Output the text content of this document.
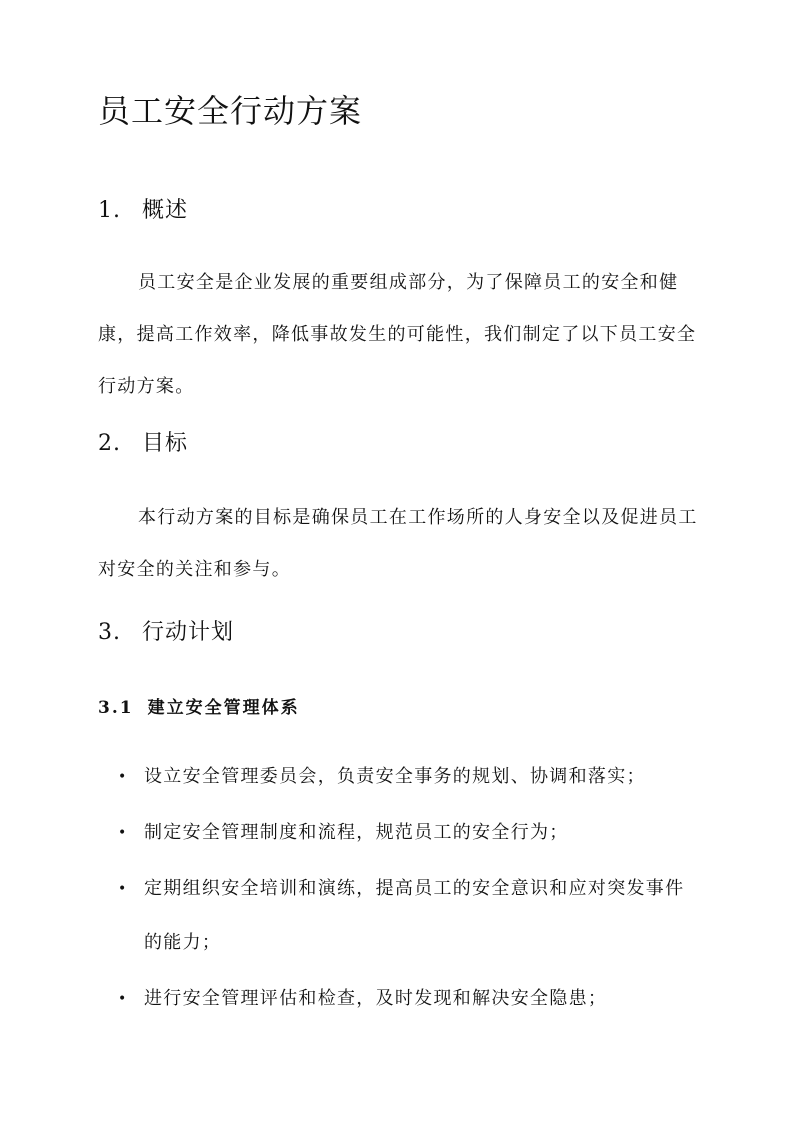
员工安全行动方案
1. 概述

员工安全是企业发展的重要组成部分，为了保障员工的安全和健康，提高工作效率，降低事故发生的可能性，我们制定了以下员工安全行动方案。

2. 目标

本行动方案的目标是确保员工在工作场所的人身安全以及促进员工对安全的关注和参与。

3. 行动计划
3.1 建立安全管理体系
• 设立安全管理委员会，负责安全事务的规划、协调和落实；
• 制定安全管理制度和流程，规范员工的安全行为；
• 定期组织安全培训和演练，提高员工的安全意识和应对突发事件的能力；
• 进行安全管理评估和检查，及时发现和解决安全隐患；
